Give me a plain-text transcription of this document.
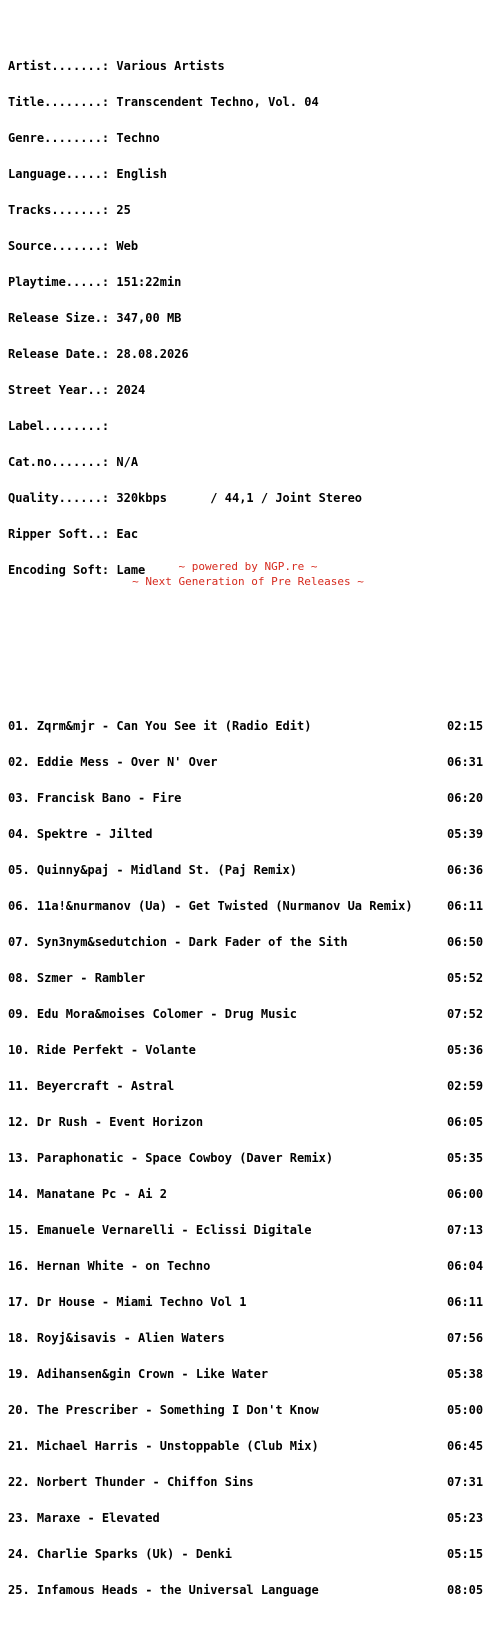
Artist.......: Various Artists

Title........: Transcendent Techno, Vol. 04

Genre........: Techno

Language.....: English

Tracks.......: 25

Source.......: Web

Playtime.....: 151:22min

Release Size.: 347,00 MB

Release Date.: 28.08.2026

Street Year..: 2024

Label........:

Cat.no.......: N/A

Quality......: 320kbps      / 44,1 / Joint Stereo

Ripper Soft..: Eac

Encoding Soft: Lame

01. Zqrm&mjr - Can You See it (Radio Edit)	02:15

02. Eddie Mess - Over N' Over	06:31

03. Francisk Bano - Fire	06:20

04. Spektre - Jilted	05:39

05. Quinny&paj - Midland St. (Paj Remix)	06:36

06. 11a!&nurmanov (Ua) - Get Twisted (Nurmanov Ua Remix)	06:11

07. Syn3nym&sedutchion - Dark Fader of the Sith	06:50

08. Szmer - Rambler	05:52

09. Edu Mora&moises Colomer - Drug Music	07:52

10. Ride Perfekt - Volante	05:36

11. Beyercraft - Astral	02:59

12. Dr Rush - Event Horizon	06:05

13. Paraphonatic - Space Cowboy (Daver Remix)	05:35

14. Manatane Pc - Ai 2	06:00

15. Emanuele Vernarelli - Eclissi Digitale	07:13

16. Hernan White - on Techno	06:04

17. Dr House - Miami Techno Vol 1	06:11

18. Royj&isavis - Alien Waters	07:56

19. Adihansen&gin Crown - Like Water	05:38

20. The Prescriber - Something I Don't Know	05:00

21. Michael Harris - Unstoppable (Club Mix)	06:45

22. Norbert Thunder - Chiffon Sins	07:31

23. Maraxe - Elevated	05:23

24. Charlie Sparks (Uk) - Denki	05:15

25. Infamous Heads - the Universal Language	08:05

~ powered by NGP.re ~
~ Next Generation of Pre Releases ~
